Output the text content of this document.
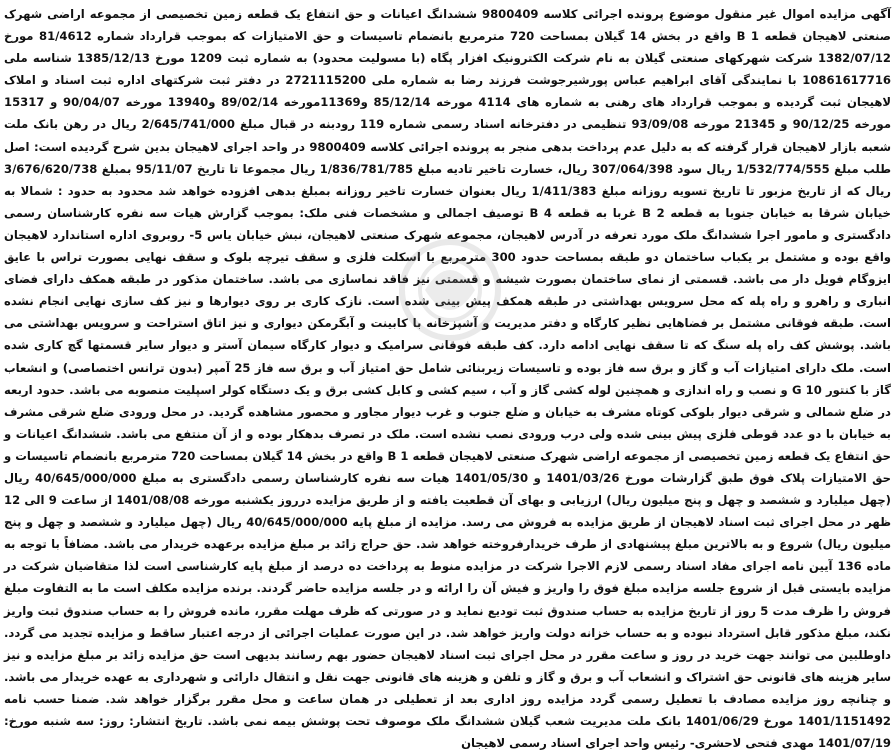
آگهی مزایده اموال غیر منقول موضوع پرونده اجرائی کلاسه 9800409 ششدانگ اعیانات و حق انتفاع یک قطعه زمین تخصیصی از مجموعه اراضی شهرک صنعتی لاهیجان قطعه B 1 واقع در بخش 14 گیلان بمساحت 720 مترمربع بانضمام تاسیسات و حق الامتیازات که بموجب قرارداد شماره 81/4612 مورخ 1382/07/12 شرکت شهرکهای صنعتی گیلان به نام شرکت الکترونیک افزار پگاه (با مسولیت محدود) به شماره ثبت 1209 مورخ 1385/12/13 شناسه ملی 10861617716 با نمایندگی آقای ابراهیم عباس پورشیرجوشت فرزند رضا به شماره ملی 2721115200 در دفتر ثبت شرکتهای اداره ثبت اسناد و املاک لاهیجان ثبت گردیده و بموجب قرارداد های رهنی به شماره های 4114 مورخه 85/12/14 و11369مورخه 89/02/14 و13940 مورخه 90/04/07 و 15317 مورخه 90/12/25 و 21345 مورخه 93/09/08 تنظیمی در دفترخانه اسناد رسمی شماره 119 رودبنه در قبال مبلغ 2/645/741/000 ریال در رهن بانک ملت شعبه بازار لاهیجان قرار گرفته که به دلیل عدم پرداخت بدهی منجر به پرونده اجرائی کلاسه 9800409 در واحد اجرای لاهیجان بدین شرح گردیده است: اصل طلب مبلغ 1/532/774/555 ریال سود 307/064/398 ریال، خسارت تاخیر تادیه مبلغ 1/836/781/785 ریال مجموعا تا تاریخ 95/11/07 بمبلغ 3/676/620/738 ریال که از تاریخ مزبور تا تاریخ تسویه روزانه مبلغ 1/411/383 ریال بعنوان خسارت تاخیر روزانه بمبلغ بدهی افزوده خواهد شد محدود به حدود : شمالا به خیابان شرقا به خیابان جنوبا به قطعه B 2 غربا به قطعه B 4 توصیف اجمالی و مشخصات فنی ملک: بموجب گزارش هیات سه نفره کارشناسان رسمی دادگستری و مامور اجرا ششدانگ ملک مورد تعرفه در آدرس لاهیجان، مجموعه شهرک صنعتی لاهیجان، نبش خیابان یاس 5- روبروی اداره استاندارد لاهیجان واقع بوده و مشتمل بر یکباب ساختمان دو طبقه بمساحت حدود 300 مترمربع با اسکلت فلزی و سقف تیرچه بلوک و سقف نهایی بصورت تراس با عایق ایزوگام فویل دار می باشد. قسمتی از نمای ساختمان بصورت شیشه و قسمتی نیز فاقد نماسازی می باشد. ساختمان مذکور در طبقه همکف دارای فضای انباری و راهرو و راه پله که محل سرویس بهداشتی در طبقه همکف پیش بینی شده است. نازک کاری بر روی دیوارها و نیز کف سازی نهایی انجام نشده است. طبقه فوقانی مشتمل بر فضاهایی نظیر کارگاه و دفتر مدیریت و آشپزخانه با کابینت و آبگرمکن دیواری و نیز اتاق استراحت و سرویس بهداشتی می باشد. پوشش کف راه پله سنگ که تا سقف نهایی ادامه دارد. کف طبقه فوقانی سرامیک و دیوار کارگاه سیمان آستر و دیوار سایر قسمتها گچ کاری شده است. ملک دارای امتیازات آب و گاز و برق سه فاز بوده و تاسیسات زیربنائی شامل حق امتیاز آب و برق سه فاز 25 آمپر (بدون ترانس اختصاصی) و انشعاب گاز با کنتور G 10 و نصب و راه اندازی و همچنین لوله کشی گاز و آب ، سیم کشی و کابل کشی برق و یک دستگاه کولر اسپلیت منصوبه می باشد. حدود اربعه در ضلع شمالی و شرقی دیوار بلوکی کوتاه مشرف به خیابان و ضلع جنوب و غرب دیوار مجاور و محصور مشاهده گردید. در محل ورودی ضلع شرقی مشرف به خیابان با دو عدد قوطی فلزی پیش بینی شده ولی درب ورودی نصب نشده است. ملک در تصرف بدهکار بوده و از آن منتفع می باشد. ششدانگ اعیانات و حق انتفاع یک قطعه زمین تخصیصی از مجموعه اراضی شهرک صنعتی لاهیجان قطعه B 1 واقع در بخش 14 گیلان بمساحت 720 مترمربع بانضمام تاسیسات و حق الامتیازات پلاک فوق طبق گزارشات مورخ 1401/03/26 و 1401/05/30 هیات سه نفره کارشناسان رسمی دادگستری به مبلغ 40/645/000/000 ریال (چهل میلیارد و ششصد و چهل و پنج میلیون ریال) ارزیابی و بهای آن قطعیت یافته و از طریق مزایده درروز یکشنبه مورخه 1401/08/08 از ساعت 9 الی 12 ظهر در محل اجرای ثبت اسناد لاهیجان از طریق مزایده به فروش می رسد. مزایده از مبلغ پایه 40/645/000/000 ریال (چهل میلیارد و ششصد و چهل و پنج میلیون ریال) شروع و به بالاترین مبلغ پیشنهادی از طرف خریدارفروخته خواهد شد. حق حراج زائد بر مبلغ مزایده برعهده خریدار می باشد. مضافاً با توجه به ماده 136 آیین نامه اجرای مفاد اسناد رسمی لازم الاجرا شرکت در مزایده منوط به پرداخت ده درصد از مبلغ پایه کارشناسی است لذا متقاضیان شرکت در مزایده بایستی قبل از شروع جلسه مزایده مبلغ فوق را واریز و فیش آن را ارائه و در جلسه مزایده حاضر گردند. برنده مزایده مکلف است ما به التفاوت مبلغ فروش را ظرف مدت 5 روز از تاریخ مزایده به حساب صندوق ثبت تودیع نماید و در صورتی که ظرف مهلت مقرر، مانده فروش را به حساب صندوق ثبت واریز نکند، مبلغ مذکور قابل استرداد نبوده و به حساب خزانه دولت واریز خواهد شد. در این صورت عملیات اجرائی از درجه اعتبار ساقط و مزایده تجدید می گردد. داوطلبین می توانند جهت خرید در روز و ساعت مقرر در محل اجرای ثبت اسناد لاهیجان حضور بهم رسانند بدیهی است حق مزایده زائد بر مبلغ مزایده و نیز سایر هزینه های قانونی حق اشتراک و انشعاب آب و برق و گاز و تلفن و هزینه های قانونی جهت نقل و انتقال دارائی و شهرداری به عهده خریدار می باشد. و چنانچه روز مزایده مصادف با تعطیل رسمی گردد مزایده روز اداری بعد از تعطیلی در همان ساعت و محل مقرر برگزار خواهد شد. ضمنا حسب نامه 1401/1151492 مورخ 1401/06/29 بانک ملت مدیریت شعب گیلان ششدانگ ملک موصوف تحت پوشش بیمه نمی باشد. تاریخ انتشار: روز: سه شنبه مورخ: 1401/07/19 مهدی فتحی لاحشری- رئیس واحد اجرای اسناد رسمی لاهیجان
